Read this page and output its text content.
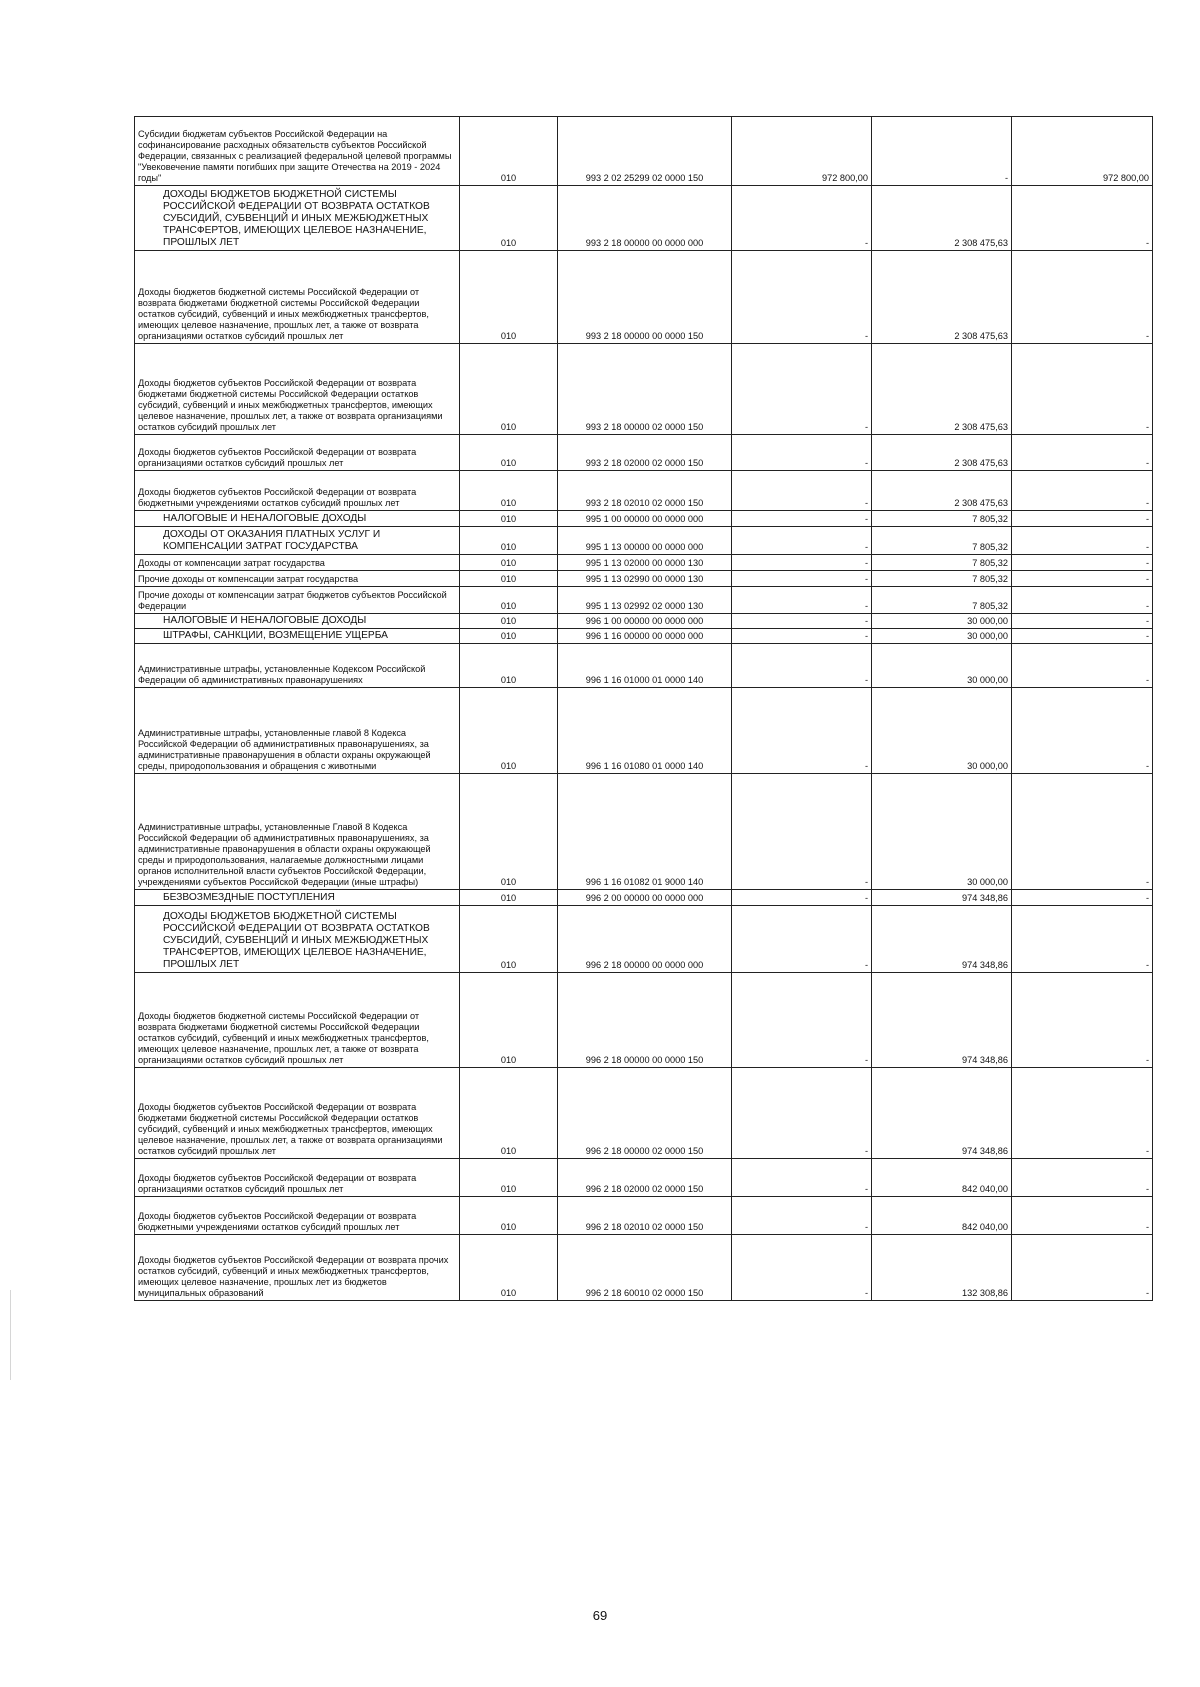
Субсидии бюджетам субъектов Российской Федерации на софинансирование расходных обязательств субъектов Российской Федерации, связанных с реализацией федеральной целевой программы "Увековечение памяти погибших при защите Отечества на 2019 - 2024 годы"	010	993 2 02 25299 02 0000 150	972 800,00	-	972 800,00
ДОХОДЫ БЮДЖЕТОВ БЮДЖЕТНОЙ СИСТЕМЫ РОССИЙСКОЙ ФЕДЕРАЦИИ ОТ ВОЗВРАТА ОСТАТКОВ СУБСИДИЙ, СУБВЕНЦИЙ И ИНЫХ МЕЖБЮДЖЕТНЫХ ТРАНСФЕРТОВ, ИМЕЮЩИХ ЦЕЛЕВОЕ НАЗНАЧЕНИЕ, ПРОШЛЫХ ЛЕТ	010	993 2 18 00000 00 0000 000	-	2 308 475,63	-
Доходы бюджетов бюджетной системы Российской Федерации от возврата бюджетами бюджетной системы Российской Федерации остатков субсидий, субвенций и иных межбюджетных трансфертов, имеющих целевое назначение, прошлых лет, а также от возврата организациями остатков субсидий прошлых лет	010	993 2 18 00000 00 0000 150	-	2 308 475,63	-
Доходы бюджетов субъектов Российской Федерации от возврата бюджетами бюджетной системы Российской Федерации остатков субсидий, субвенций и иных межбюджетных трансфертов, имеющих целевое назначение, прошлых лет, а также от возврата организациями остатков субсидий прошлых лет	010	993 2 18 00000 02 0000 150	-	2 308 475,63	-
Доходы бюджетов субъектов Российской Федерации от возврата организациями остатков субсидий прошлых лет	010	993 2 18 02000 02 0000 150	-	2 308 475,63	-
Доходы бюджетов субъектов Российской Федерации от возврата бюджетными учреждениями остатков субсидий прошлых лет	010	993 2 18 02010 02 0000 150	-	2 308 475,63	-
НАЛОГОВЫЕ И НЕНАЛОГОВЫЕ ДОХОДЫ	010	995 1 00 00000 00 0000 000	-	7 805,32	-
ДОХОДЫ ОТ ОКАЗАНИЯ ПЛАТНЫХ УСЛУГ И КОМПЕНСАЦИИ ЗАТРАТ ГОСУДАРСТВА	010	995 1 13 00000 00 0000 000	-	7 805,32	-
Доходы от компенсации затрат государства	010	995 1 13 02000 00 0000 130	-	7 805,32	-
Прочие доходы от компенсации затрат государства	010	995 1 13 02990 00 0000 130	-	7 805,32	-
Прочие доходы от компенсации затрат бюджетов субъектов Российской Федерации	010	995 1 13 02992 02 0000 130	-	7 805,32	-
НАЛОГОВЫЕ И НЕНАЛОГОВЫЕ ДОХОДЫ	010	996 1 00 00000 00 0000 000	-	30 000,00	-
ШТРАФЫ, САНКЦИИ, ВОЗМЕЩЕНИЕ УЩЕРБА	010	996 1 16 00000 00 0000 000	-	30 000,00	-
Административные штрафы, установленные Кодексом Российской Федерации об административных правонарушениях	010	996 1 16 01000 01 0000 140	-	30 000,00	-
Административные штрафы, установленные главой 8 Кодекса Российской Федерации об административных правонарушениях, за административные правонарушения в области охраны окружающей среды, природопользования и обращения с животными	010	996 1 16 01080 01 0000 140	-	30 000,00	-
Административные штрафы, установленные Главой 8 Кодекса Российской Федерации об административных правонарушениях, за административные правонарушения в области охраны окружающей среды и природопользования, налагаемые должностными лицами органов исполнительной власти субъектов Российской Федерации, учреждениями субъектов Российской Федерации (иные штрафы)	010	996 1 16 01082 01 9000 140	-	30 000,00	-
БЕЗВОЗМЕЗДНЫЕ ПОСТУПЛЕНИЯ	010	996 2 00 00000 00 0000 000	-	974 348,86	-
ДОХОДЫ БЮДЖЕТОВ БЮДЖЕТНОЙ СИСТЕМЫ РОССИЙСКОЙ ФЕДЕРАЦИИ ОТ ВОЗВРАТА ОСТАТКОВ СУБСИДИЙ, СУБВЕНЦИЙ И ИНЫХ МЕЖБЮДЖЕТНЫХ ТРАНСФЕРТОВ, ИМЕЮЩИХ ЦЕЛЕВОЕ НАЗНАЧЕНИЕ, ПРОШЛЫХ ЛЕТ	010	996 2 18 00000 00 0000 000	-	974 348,86	-
Доходы бюджетов бюджетной системы Российской Федерации от возврата бюджетами бюджетной системы Российской Федерации остатков субсидий, субвенций и иных межбюджетных трансфертов, имеющих целевое назначение, прошлых лет, а также от возврата организациями остатков субсидий прошлых лет	010	996 2 18 00000 00 0000 150	-	974 348,86	-
Доходы бюджетов субъектов Российской Федерации от возврата бюджетами бюджетной системы Российской Федерации остатков субсидий, субвенций и иных межбюджетных трансфертов, имеющих целевое назначение, прошлых лет, а также от возврата организациями остатков субсидий прошлых лет	010	996 2 18 00000 02 0000 150	-	974 348,86	-
Доходы бюджетов субъектов Российской Федерации от возврата организациями остатков субсидий прошлых лет	010	996 2 18 02000 02 0000 150	-	842 040,00	-
Доходы бюджетов субъектов Российской Федерации от возврата бюджетными учреждениями остатков субсидий прошлых лет	010	996 2 18 02010 02 0000 150	-	842 040,00	-
Доходы бюджетов субъектов Российской Федерации от возврата прочих остатков субсидий, субвенций и иных межбюджетных трансфертов, имеющих целевое назначение, прошлых лет из бюджетов муниципальных образований	010	996 2 18 60010 02 0000 150	-	132 308,86	-
69
